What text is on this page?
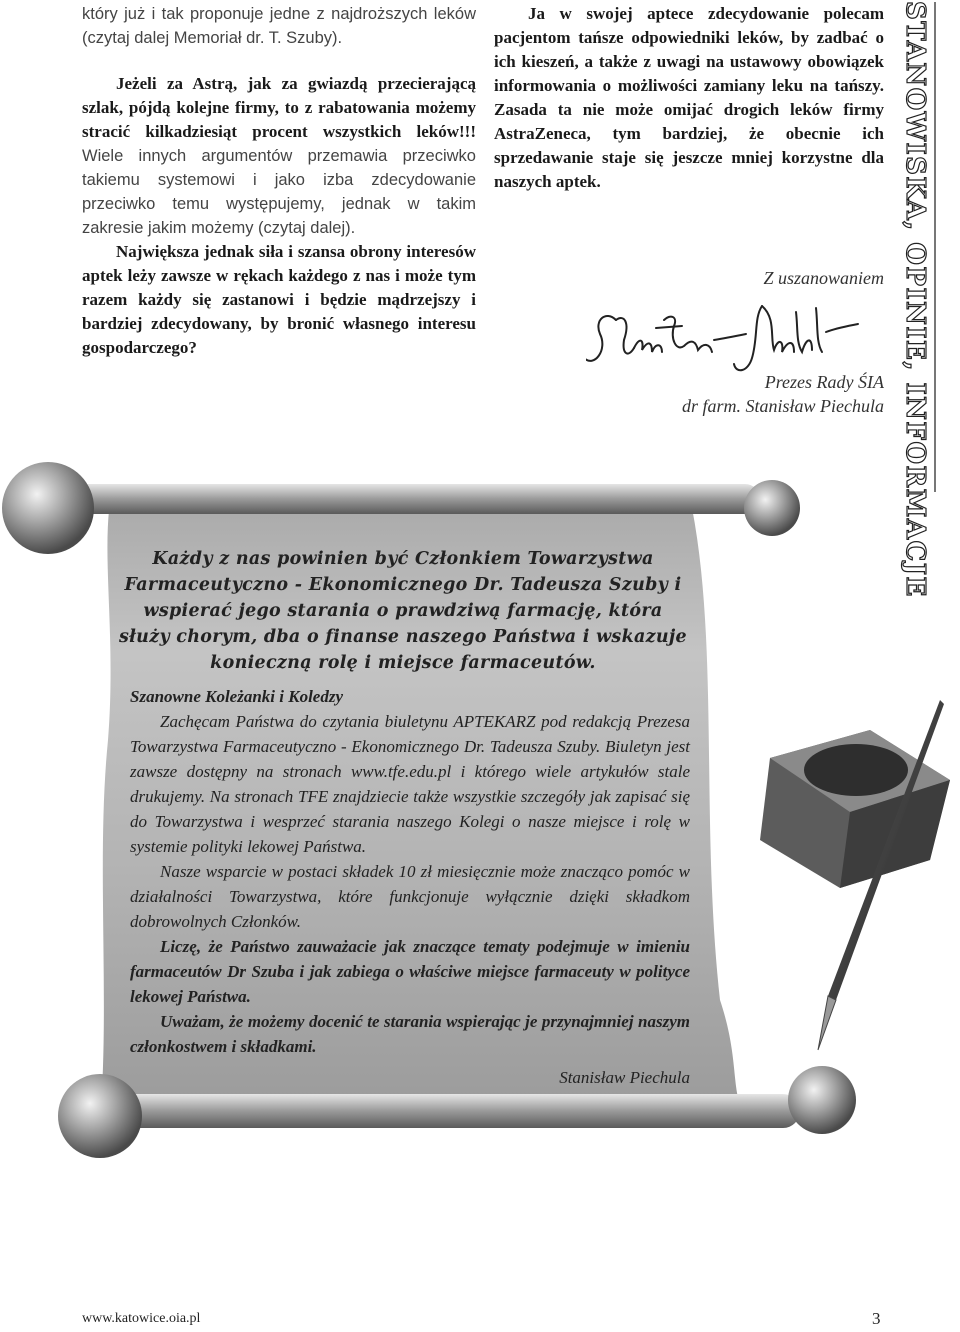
który już i tak proponuje jedne z najdroższych leków (czytaj dalej Memoriał dr. T. Szuby).

Jeżeli za Astrą, jak za gwiazdą przecierającą szlak, pójdą kolejne firmy, to z rabatowania możemy stracić kilkadziesiąt procent wszystkich leków!!! Wiele innych argumentów przemawia przeciwko takiemu systemowi i jako izba zdecydowanie przeciwko temu występujemy, jednak w takim zakresie jakim możemy (czytaj dalej).

Największa jednak siła i szansa obrony interesów aptek leży zawsze w rękach każdego z nas i może tym razem każdy się zastanowi i będzie mądrzejszy i bardziej zdecydowany, by bronić własnego interesu gospodarczego?

Ja w swojej aptece zdecydowanie polecam pacjentom tańsze odpowiedniki leków, by zadbać o ich kieszeń, a także z uwagi na ustawowy obowiązek informowania o możliwości zamiany leku na tańszy. Zasada ta nie może omijać drogich leków firmy AstraZeneca, tym bardziej, że obecnie ich sprzedawanie staje się jeszcze mniej korzystne dla naszych aptek.

Z uszanowaniem
Prezes Rady ŚIA
dr farm. Stanisław Piechula STANOWISKA, OPINIE, INFORMACJE
Każdy z nas powinien być Członkiem Towarzystwa Farmaceutyczno - Ekonomicznego Dr. Tadeusza Szuby i wspierać jego starania o prawdziwą farmację, która służy chorym, dba o finanse naszego Państwa i wskazuje konieczną rolę i miejsce farmaceutów.

Szanowne Koleżanki i Koledzy

Zachęcam Państwa do czytania biuletynu APTEKARZ pod redakcją Prezesa Towarzystwa Farmaceutyczno - Ekonomicznego Dr. Tadeusza Szuby. Biuletyn jest zawsze dostępny na stronach www.tfe.edu.pl i którego wiele artykułów stale drukujemy. Na stronach TFE znajdziecie także wszystkie szczegóły jak zapisać się do Towarzystwa i wesprzeć starania naszego Kolegi o nasze miejsce i rolę w systemie polityki lekowej Państwa.

Nasze wsparcie w postaci składek 10 zł miesięcznie może znacząco pomóc w działalności Towarzystwa, które funkcjonuje wyłącznie dzięki składkom dobrowolnych Członków.

Liczę, że Państwo zauważacie jak znaczące tematy podejmuje w imieniu farmaceutów Dr Szuba i jak zabiega o właściwe miejsce farmaceuty w polityce lekowej Państwa.

Uważam, że możemy docenić te starania wspierając je przynajmniej naszym członkostwem i składkami.

Stanisław Piechula

www.katowice.oia.pl	3
